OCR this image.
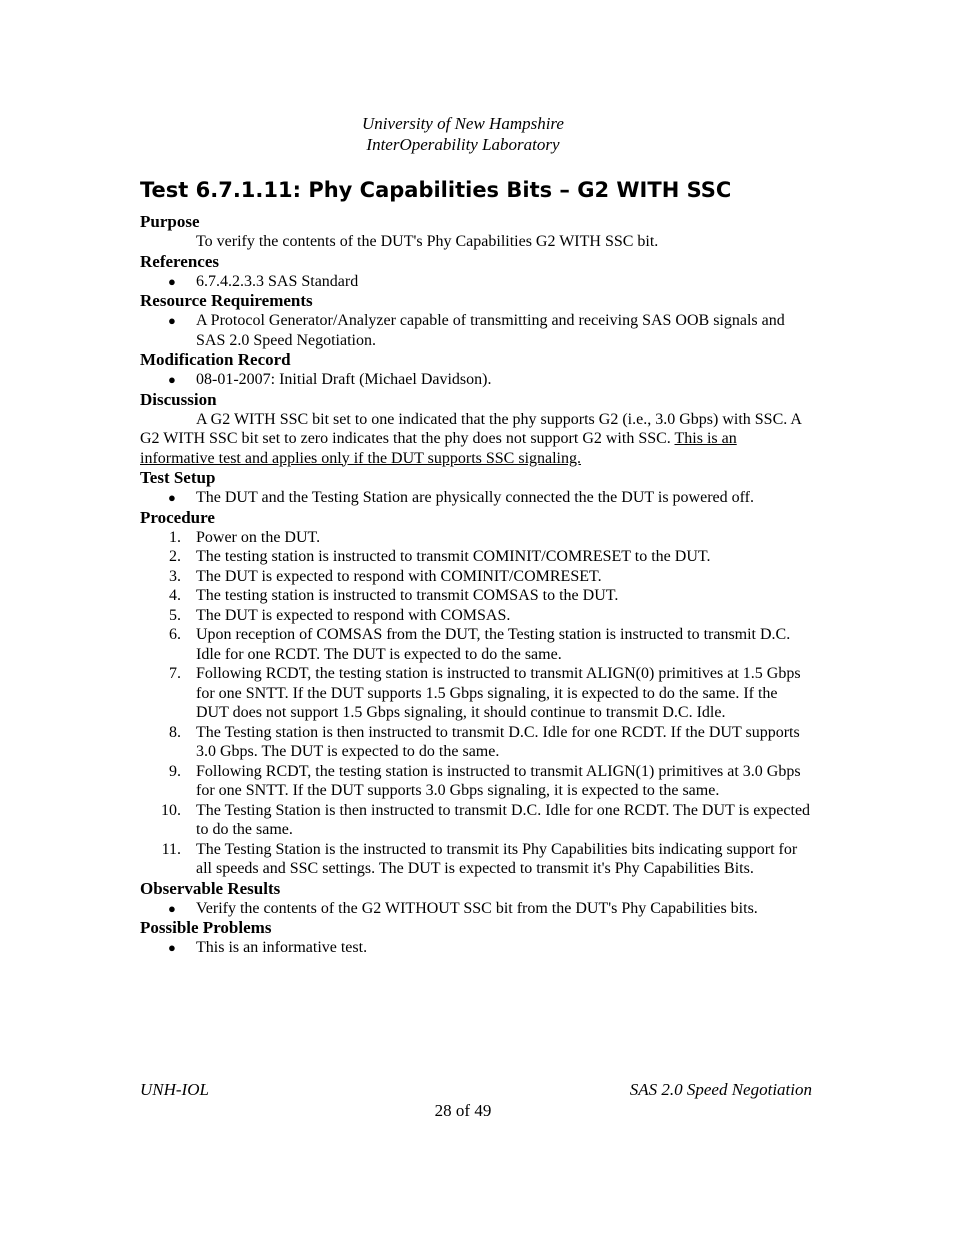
University of New Hampshire
InterOperability Laboratory
Test 6.7.1.11: Phy Capabilities Bits – G2 WITH SSC

Purpose

To verify the contents of the DUT's Phy Capabilities G2 WITH SSC bit.

References

● 6.7.4.2.3.3 SAS Standard

Resource Requirements

● A Protocol Generator/Analyzer capable of transmitting and receiving SAS OOB signals and SAS 2.0 Speed Negotiation.

Modification Record

● 08-01-2007: Initial Draft (Michael Davidson).

Discussion

A G2 WITH SSC bit set to one indicated that the phy supports G2 (i.e., 3.0 Gbps) with SSC. A G2 WITH SSC bit set to zero indicates that the phy does not support G2 with SSC. This is an informative test and applies only if the DUT supports SSC signaling.

Test Setup

● The DUT and the Testing Station are physically connected the the DUT is powered off.

Procedure

1. Power on the DUT.
2. The testing station is instructed to transmit COMINIT/COMRESET to the DUT.
3. The DUT is expected to respond with COMINIT/COMRESET.
4. The testing station is instructed to transmit COMSAS to the DUT.
5. The DUT is expected to respond with COMSAS.
6. Upon reception of COMSAS from the DUT, the Testing station is instructed to transmit D.C. Idle for one RCDT. The DUT is expected to do the same.
7. Following RCDT, the testing station is instructed to transmit ALIGN(0) primitives at 1.5 Gbps for one SNTT. If the DUT supports 1.5 Gbps signaling, it is expected to do the same. If the DUT does not support 1.5 Gbps signaling, it should continue to transmit D.C. Idle.
8. The Testing station is then instructed to transmit D.C. Idle for one RCDT. If the DUT supports 3.0 Gbps. The DUT is expected to do the same.
9. Following RCDT, the testing station is instructed to transmit ALIGN(1) primitives at 3.0 Gbps for one SNTT. If the DUT supports 3.0 Gbps signaling, it is expected to the same.
10. The Testing Station is then instructed to transmit D.C. Idle for one RCDT. The DUT is expected to do the same.
11. The Testing Station is the instructed to transmit its Phy Capabilities bits indicating support for all speeds and SSC settings. The DUT is expected to transmit it's Phy Capabilities Bits.

Observable Results

● Verify the contents of the G2 WITHOUT SSC bit from the DUT's Phy Capabilities bits.

Possible Problems

● This is an informative test.
UNH-IOL	SAS 2.0 Speed Negotiation
28 of 49
